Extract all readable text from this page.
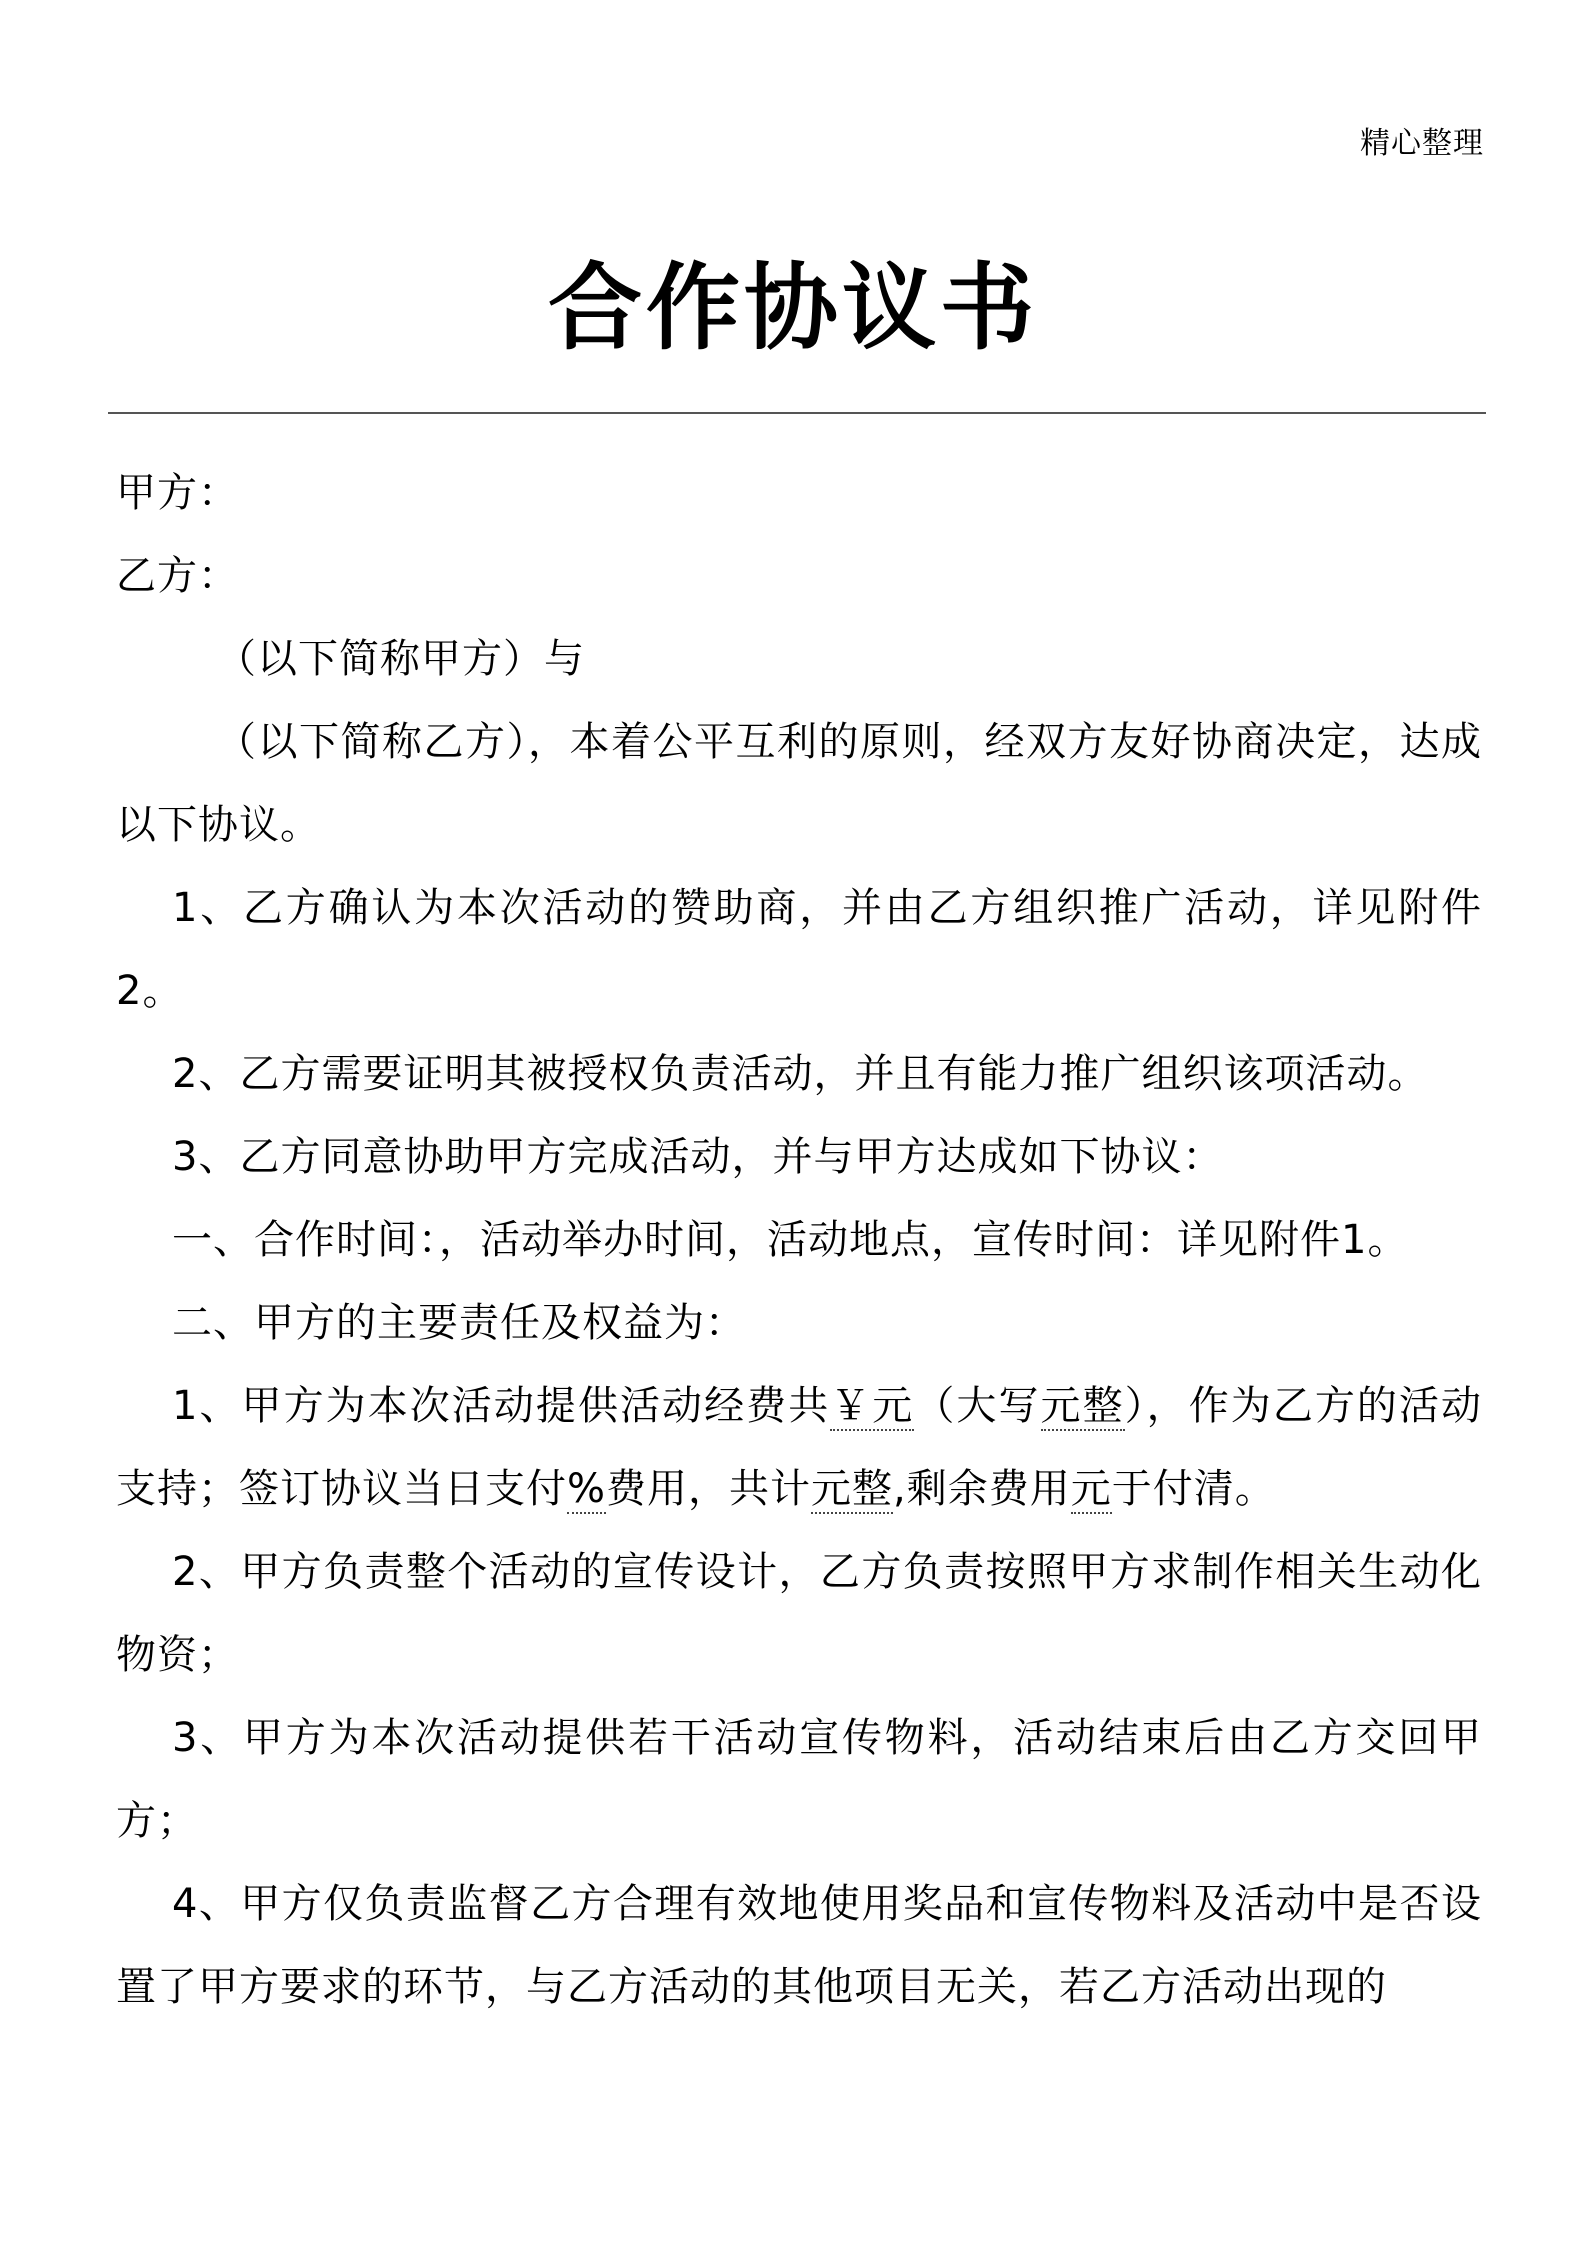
精心整理
合作协议书

甲方：

乙方：

（以下简称甲方）与

（以下简称乙方），本着公平互利的原则，经双方友好协商决定，达成以下协议。

1、乙方确认为本次活动的赞助商，并由乙方组织推广活动，详见附件2。

2、乙方需要证明其被授权负责活动，并且有能力推广组织该项活动。

3、乙方同意协助甲方完成活动，并与甲方达成如下协议：

一、合作时间：，活动举办时间，活动地点，宣传时间：详见附件1。

二、甲方的主要责任及权益为：

1、甲方为本次活动提供活动经费共￥元（大写元整），作为乙方的活动支持；签订协议当日支付%费用，共计元整,剩余费用元于付清。

2、甲方负责整个活动的宣传设计，乙方负责按照甲方求制作相关生动化物资；

3、甲方为本次活动提供若干活动宣传物料，活动结束后由乙方交回甲方；

4、甲方仅负责监督乙方合理有效地使用奖品和宣传物料及活动中是否设置了甲方要求的环节，与乙方活动的其他项目无关，若乙方活动出现的
